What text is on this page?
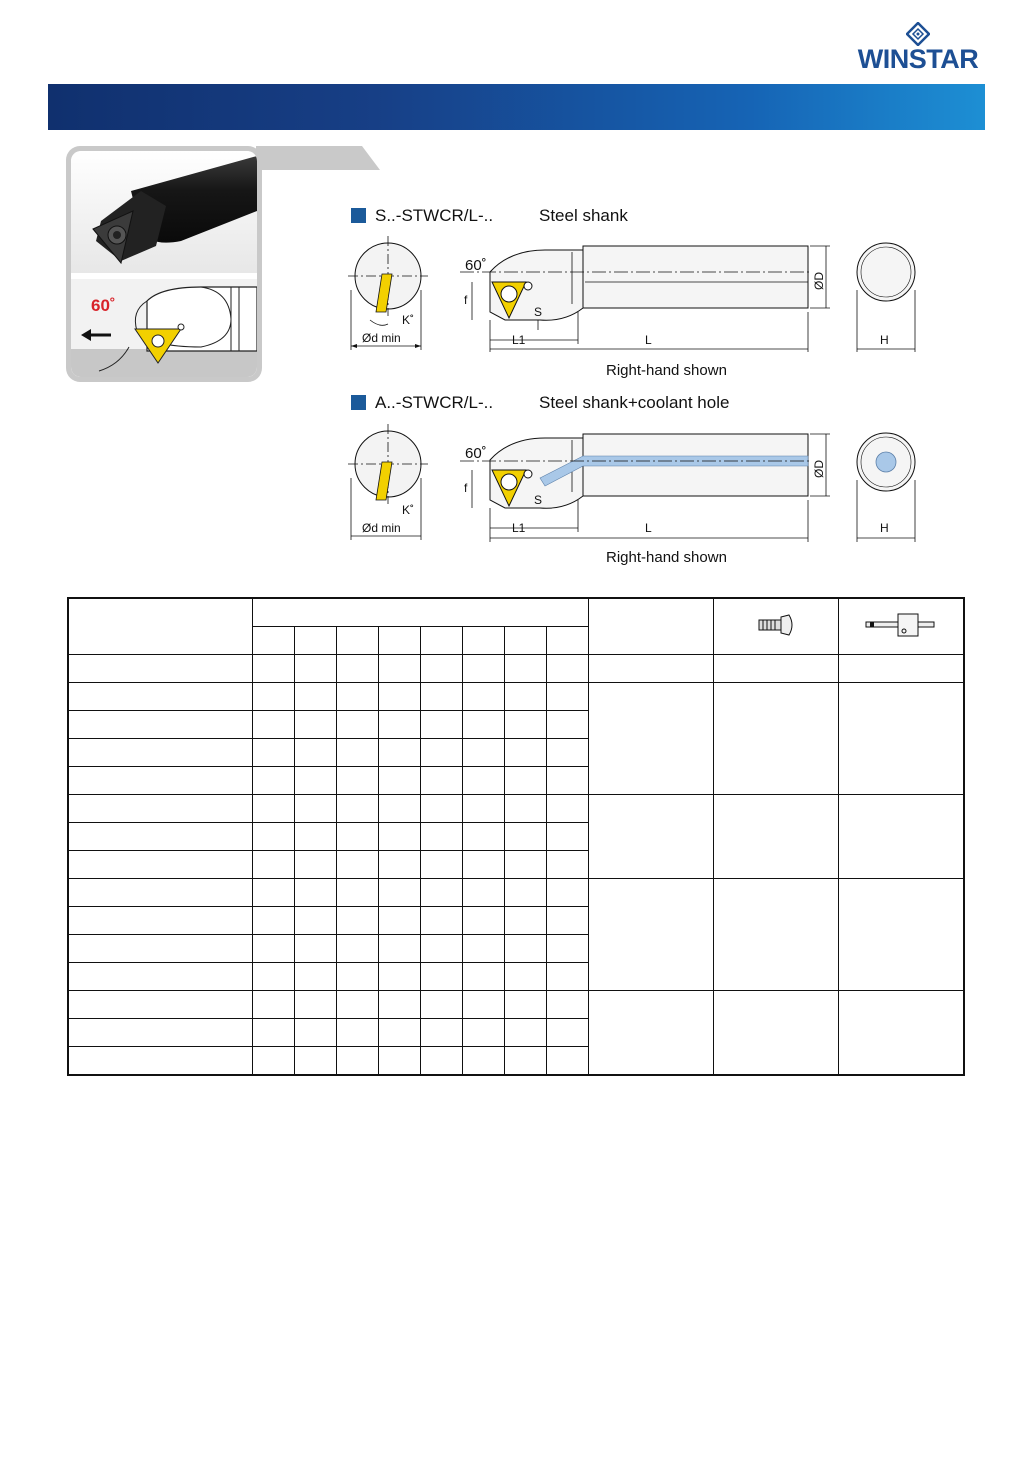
WINSTAR
60˚
S..-STWCR/L-..	Steel shank
Ød min
K˚
60˚
f
S
L1	L
ØD
H
Right-hand shown
A..-STWCR/L-..	Steel shank+coolant hole
Ød min
K˚
60˚
f
S
L1	L
ØD
H
Right-hand shown
